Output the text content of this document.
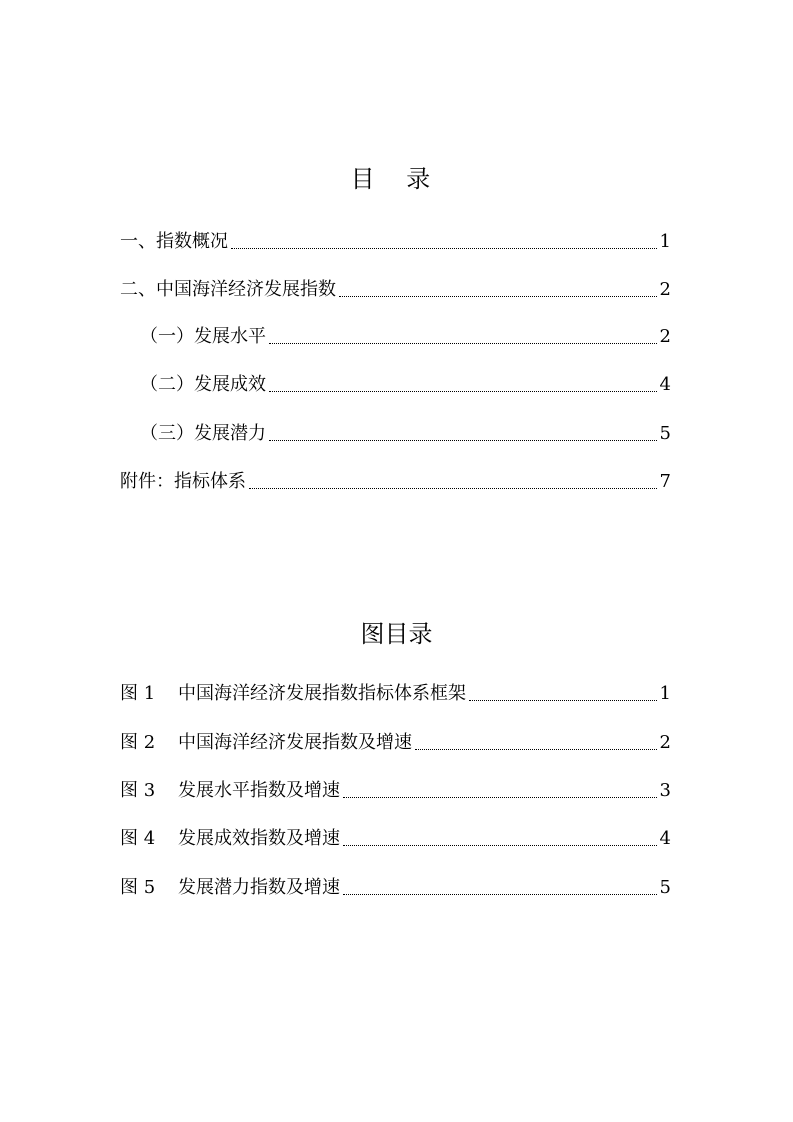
目 录
一、指数概况	1
二、中国海洋经济发展指数	2
（一）发展水平	2
（二）发展成效	4
（三）发展潜力	5
附件：指标体系	7
图目录
图 1	中国海洋经济发展指数指标体系框架	1
图 2	中国海洋经济发展指数及增速	2
图 3	发展水平指数及增速	3
图 4	发展成效指数及增速	4
图 5	发展潜力指数及增速	5
